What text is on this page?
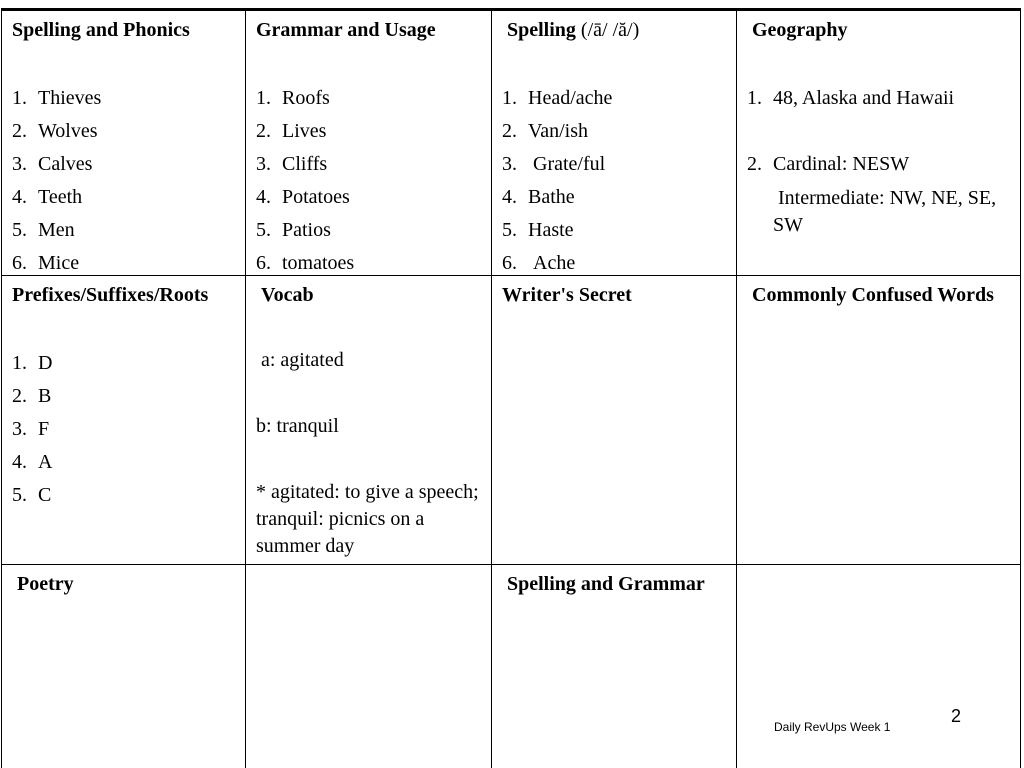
Spelling and Phonics
1. Thieves
2. Wolves
3. Calves
4. Teeth
5. Men
6. Mice
Grammar and Usage
1. Roofs
2. Lives
3. Cliffs
4. Potatoes
5. Patios
6. tomatoes
Spelling (/ā/ /ă/)
1. Head/ache
2. Van/ish
3. Grate/ful
4. Bathe
5. Haste
6. Ache
Geography
1. 48, Alaska and Hawaii
2. Cardinal: NESW
Intermediate: NW, NE, SE, SW
Prefixes/Suffixes/Roots
1. D
2. B
3. F
4. A
5. C
Vocab

a: agitated

b: tranquil

* agitated: to give a speech; tranquil: picnics on a summer day

Writer's Secret	Commonly Confused Words
Poetry	Spelling and Grammar
Daily RevUps Week 1
2
